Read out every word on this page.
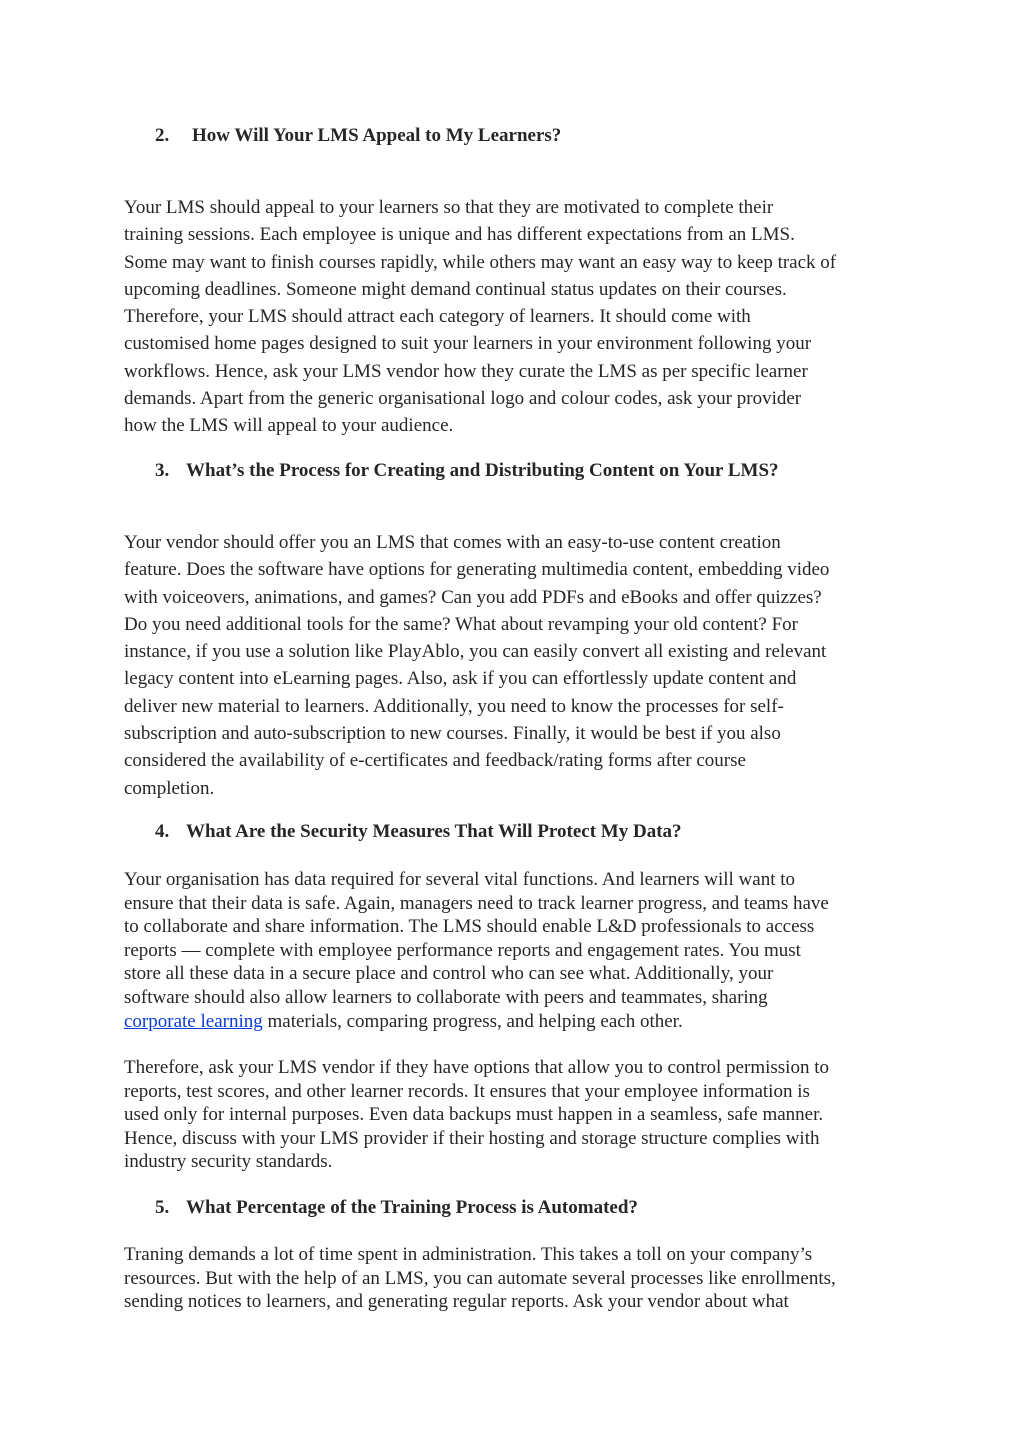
2. How Will Your LMS Appeal to My Learners?
Your LMS should appeal to your learners so that they are motivated to complete their
training sessions. Each employee is unique and has different expectations from an LMS.
Some may want to finish courses rapidly, while others may want an easy way to keep track of
upcoming deadlines. Someone might demand continual status updates on their courses.
Therefore, your LMS should attract each category of learners. It should come with
customised home pages designed to suit your learners in your environment following your
workflows. Hence, ask your LMS vendor how they curate the LMS as per specific learner
demands. Apart from the generic organisational logo and colour codes, ask your provider
how the LMS will appeal to your audience.
3. What’s the Process for Creating and Distributing Content on Your LMS?
Your vendor should offer you an LMS that comes with an easy-to-use content creation
feature. Does the software have options for generating multimedia content, embedding video
with voiceovers, animations, and games? Can you add PDFs and eBooks and offer quizzes?
Do you need additional tools for the same? What about revamping your old content? For
instance, if you use a solution like PlayAblo, you can easily convert all existing and relevant
legacy content into eLearning pages. Also, ask if you can effortlessly update content and
deliver new material to learners. Additionally, you need to know the processes for self-
subscription and auto-subscription to new courses. Finally, it would be best if you also
considered the availability of e-certificates and feedback/rating forms after course
completion.
4. What Are the Security Measures That Will Protect My Data?
Your organisation has data required for several vital functions. And learners will want to
ensure that their data is safe. Again, managers need to track learner progress, and teams have
to collaborate and share information. The LMS should enable L&D professionals to access
reports — complete with employee performance reports and engagement rates. You must
store all these data in a secure place and control who can see what. Additionally, your
software should also allow learners to collaborate with peers and teammates, sharing
corporate learning materials, comparing progress, and helping each other.
Therefore, ask your LMS vendor if they have options that allow you to control permission to
reports, test scores, and other learner records. It ensures that your employee information is
used only for internal purposes. Even data backups must happen in a seamless, safe manner.
Hence, discuss with your LMS provider if their hosting and storage structure complies with
industry security standards.
5. What Percentage of the Training Process is Automated?
Traning demands a lot of time spent in administration. This takes a toll on your company’s
resources. But with the help of an LMS, you can automate several processes like enrollments,
sending notices to learners, and generating regular reports. Ask your vendor about what
